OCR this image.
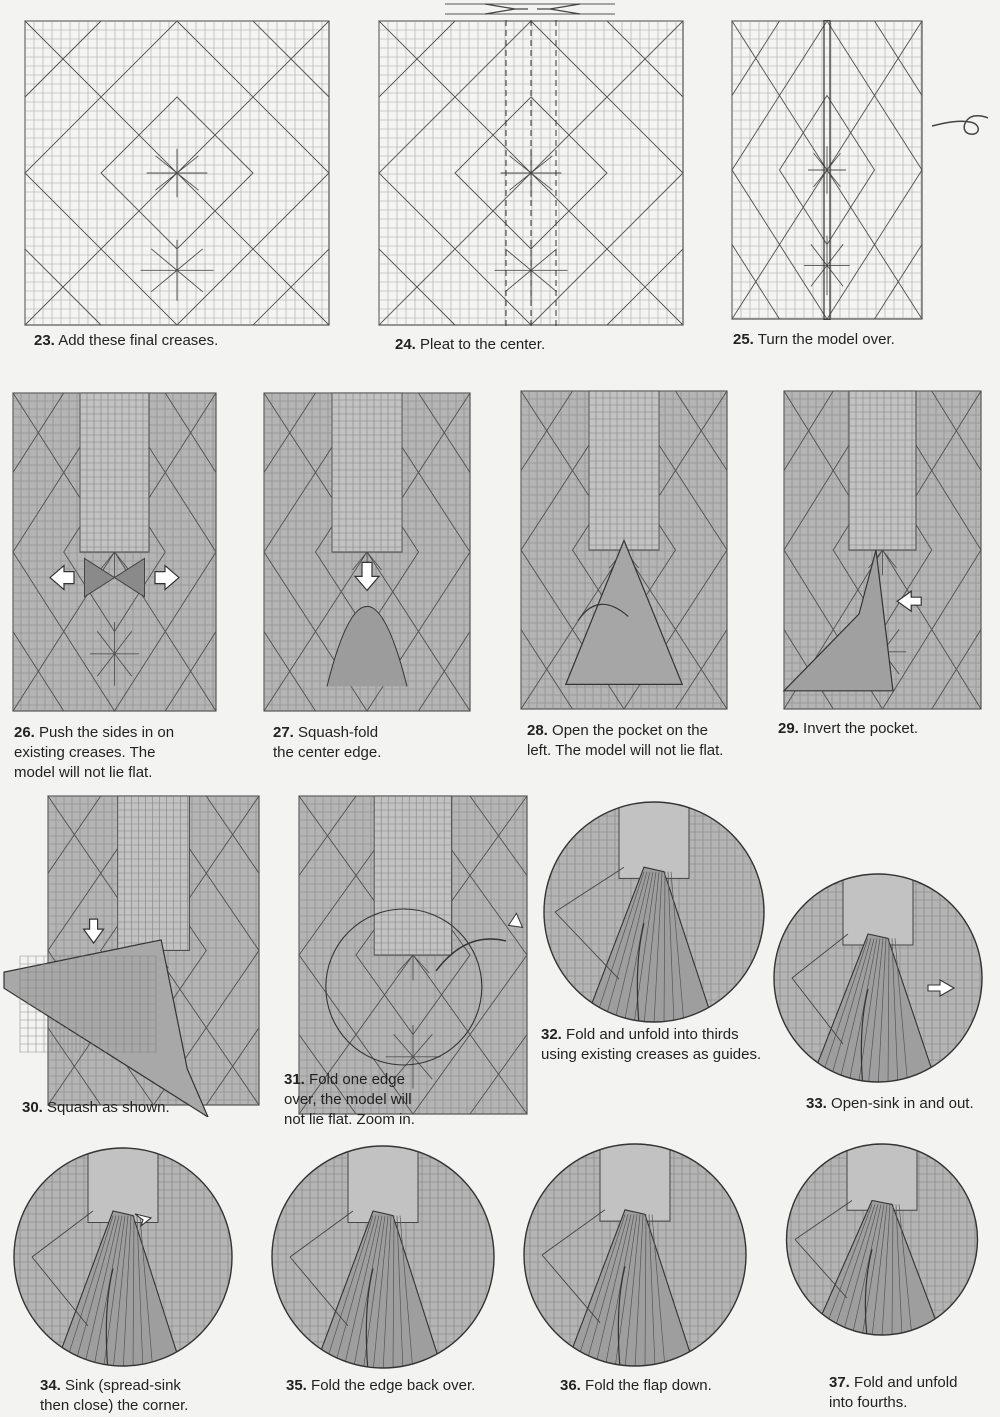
23. Add these final creases.	24. Pleat to the center.	25. Turn the model over.
26. Push the sides in on
existing creases. The
model will not lie flat.
27. Squash-fold
the center edge.
28. Open the pocket on the
left. The model will not lie flat.
29. Invert the pocket.
30. Squash as shown.
31. Fold one edge
over, the model will
not lie flat. Zoom in.
32. Fold and unfold into thirds
using existing creases as guides.
33. Open-sink in and out.
34. Sink (spread-sink
then close) the corner.
35. Fold the edge back over.	36. Fold the flap down.	37. Fold and unfold
into fourths.
